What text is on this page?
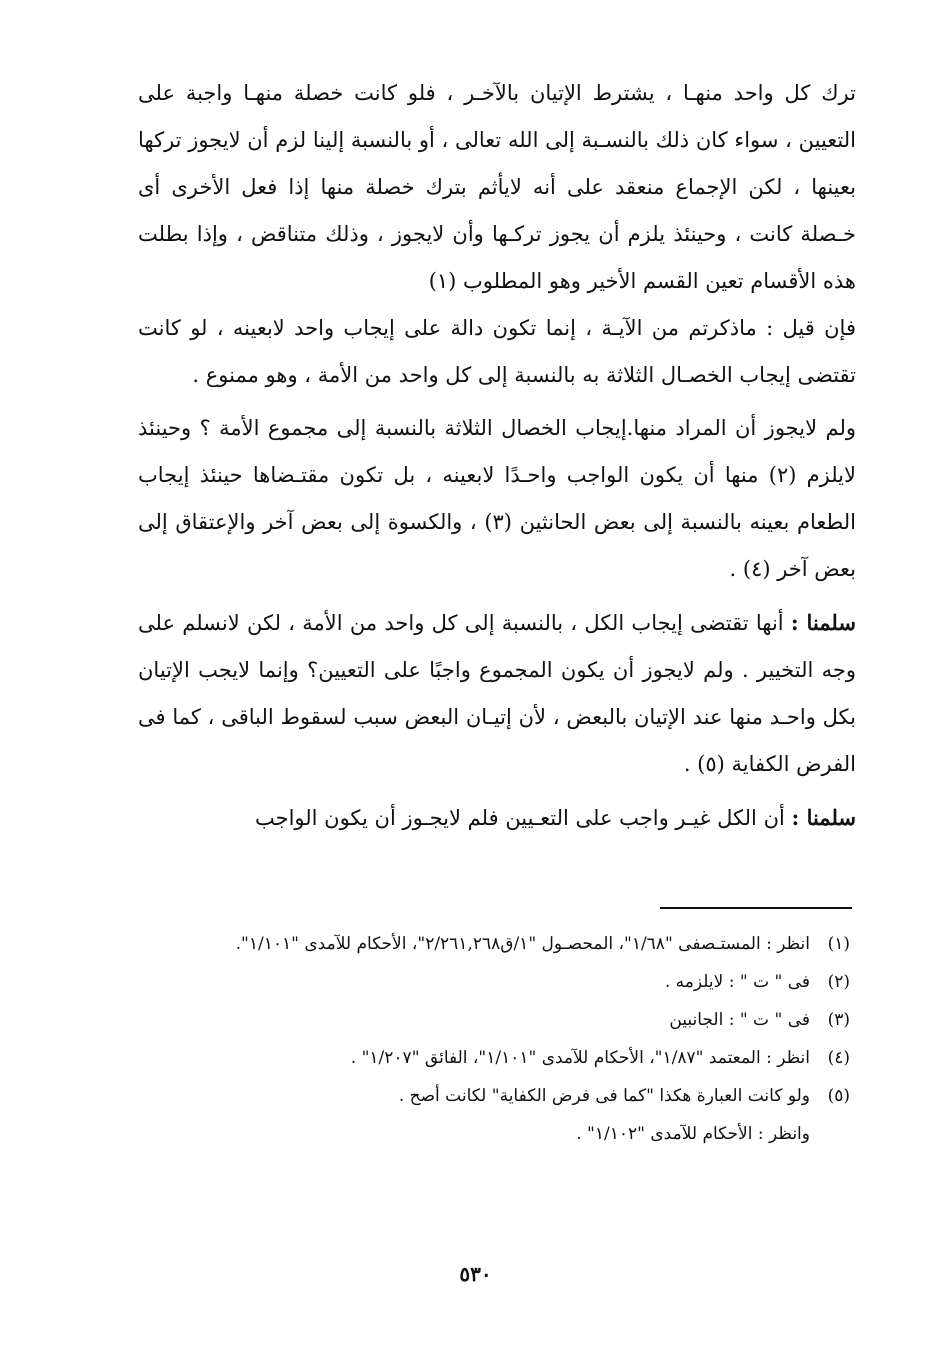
ترك كل واحد منهـا ، يشترط الإتيان بالآخـر ، فلو كانت خصلة منهـا واجبة على التعيين ، سواء كان ذلك بالنسـبة إلى الله تعالى ، أو بالنسبة إلينا لزم أن لايجوز تركها بعينها ، لكن الإجماع منعقد على أنه لايأثم بترك خصلة منها إذا فعل الأخرى أى خـصلة كانت ، وحينئذ يلزم أن يجوز تركـها وأن لايجوز ، وذلك متناقض ، وإذا بطلت هذه الأقسام تعين القسم الأخير وهو المطلوب (١)

فإن قيل : ماذكرتم من الآيـة ، إنما تكون دالة على إيجاب واحد لابعينه ، لو كانت تقتضى إيجاب الخصـال الثلاثة به بالنسبة إلى كل واحد من الأمة ، وهو ممنوع .

ولم لايجوز أن المراد منها.إيجاب الخصال الثلاثة بالنسبة إلى مجموع الأمة ؟ وحينئذ لايلزم (٢) منها أن يكون الواجب واحـدًا لابعينه ، بل تكون مقتـضاها حينئذ إيجاب الطعام بعينه بالنسبة إلى بعض الحانثين (٣) ، والكسوة إلى بعض آخر والإعتقاق إلى بعض آخر (٤) .

سلمنا : أنها تقتضى إيجاب الكل ، بالنسبة إلى كل واحد من الأمة ، لكن لانسلم على وجه التخيير . ولم لايجوز أن يكون المجموع واجبًا على التعيين؟ وإنما لايجب الإتيان بكل واحـد منها عند الإتيان بالبعض ، لأن إتيـان البعض سبب لسقوط الباقى ، كما فى الفرض الكفاية (٥) .

سلمنا : أن الكل غيـر واجب على التعـيين فلم لايجـوز أن يكون الواجب

(١)
انظر : المستـصفى "١/٦٨"، المحصـول "١/ق٢/٢٦١,٢٦٨"، الأحكام للآمدى "١/١٠١".
(٢)
فى " ت " : لايلزمه .
(٣)
فى " ت " : الجانبين
(٤)
انظر : المعتمد "١/٨٧"، الأحكام للآمدى "١/١٠١"، الفائق "١/٢٠٧" .
(٥)
ولو كانت العبارة هكذا "كما فى فرض الكفاية" لكانت أصح .
وانظر : الأحكام للآمدى "١/١٠٢" .
٥٣٠
